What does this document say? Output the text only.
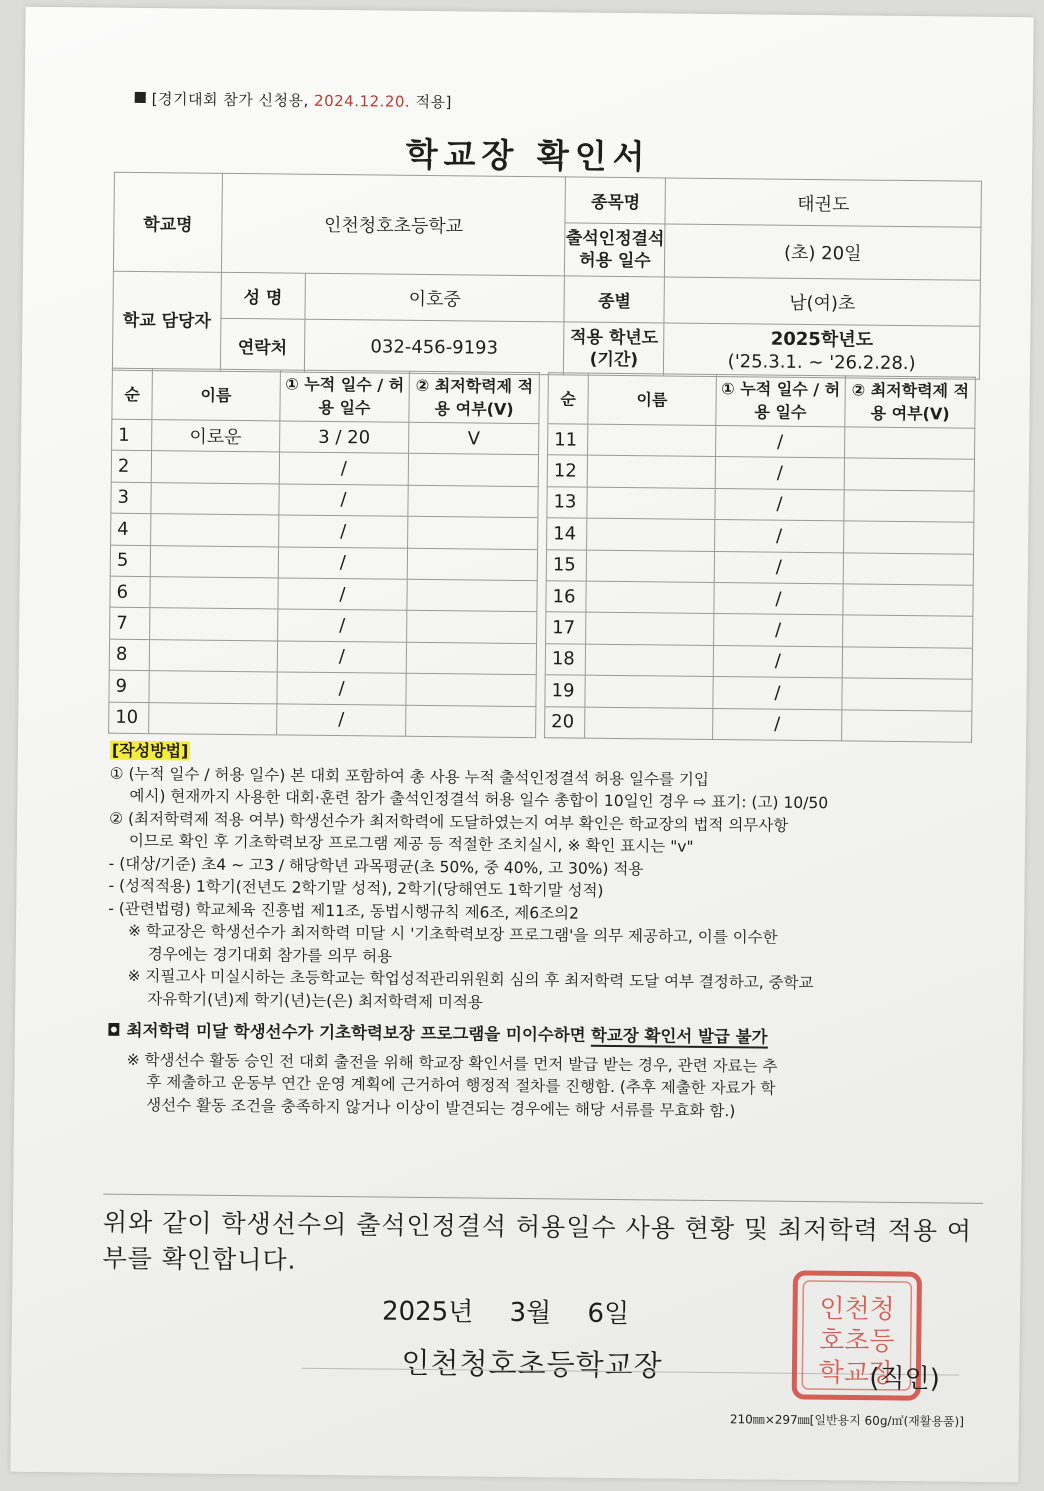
[경기대회 참가 신청용, 2024.12.20. 적용]
학교장 확인서
학교명	인천청호초등학교		종목명	태권도
			출석인정결석 허용 일수	(초) 20일
학교 담당자	성 명	이호중	종별	남(여)초
	연락처	032-456-9193	적용 학년도 (기간)	2025학년도
('25.3.1. ~ '26.2.28.)
순	이름	① 누적 일수 / 허용 일수	② 최저학력제 적용 여부(V)
1	이로운	3 / 20	V
2		/	
3		/	
4		/	
5		/	
6		/	
7		/	
8		/	
9		/	
10		/	
순	이름	① 누적 일수 / 허용 일수	② 최저학력제 적용 여부(V)
11		/	
12		/	
13		/	
14		/	
15		/	
16		/	
17		/	
18		/	
19		/	
20		/	

[작성방법]

① (누적 일수 / 허용 일수) 본 대회 포함하여 총 사용 누적 출석인정결석 허용 일수를 기입

예시) 현재까지 사용한 대회·훈련 참가 출석인정결석 허용 일수 총합이 10일인 경우 ⇨ 표기: (고) 10/50

② (최저학력제 적용 여부) 학생선수가 최저학력에 도달하였는지 여부 확인은 학교장의 법적 의무사항

이므로 확인 후 기초학력보장 프로그램 제공 등 적절한 조치실시, ※ 확인 표시는 "v"

- (대상/기준) 초4 ~ 고3 / 해당학년 과목평균(초 50%, 중 40%, 고 30%) 적용

- (성적적용) 1학기(전년도 2학기말 성적), 2학기(당해연도 1학기말 성적)

- (관련법령) 학교체육 진흥법 제11조, 동법시행규칙 제6조, 제6조의2

※ 학교장은 학생선수가 최저학력 미달 시 '기초학력보장 프로그램'을 의무 제공하고, 이를 이수한

경우에는 경기대회 참가를 의무 허용

※ 지필고사 미실시하는 초등학교는 학업성적관리위원회 심의 후 최저학력 도달 여부 결정하고, 중학교

자유학기(년)제 학기(년)는(은) 최저학력제 미적용

◘ 최저학력 미달 학생선수가 기초학력보장 프로그램을 미이수하면 학교장 확인서 발급 불가

※ 학생선수 활동 승인 전 대회 출전을 위해 학교장 확인서를 먼저 발급 받는 경우, 관련 자료는 추

후 제출하고 운동부 연간 운영 계획에 근거하여 행정적 절차를 진행함. (추후 제출한 자료가 학

생선수 활동 조건을 충족하지 않거나 이상이 발견되는 경우에는 해당 서류를 무효화 함.)

위와 같이 학생선수의 출석인정결석 허용일수 사용 현황 및 최저학력 적용 여부를 확인합니다.
2025년 3월 6일
인천청호초등학교장
인천청
호초등
학교장
(직인)
210㎜×297㎜[일반용지 60g/㎡(재활용품)]
